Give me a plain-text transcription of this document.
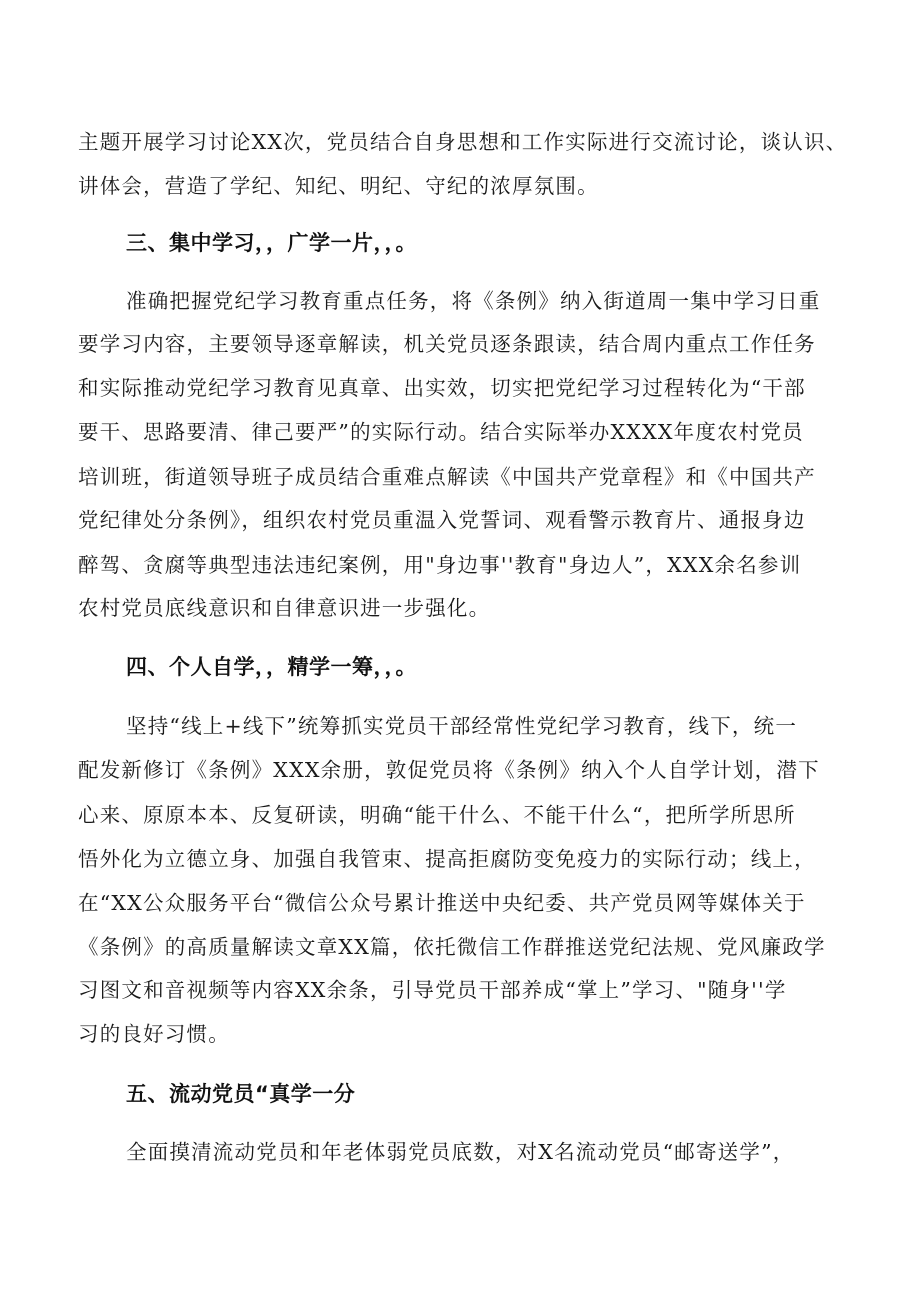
主题开展学习讨论XX次，党员结合自身思想和工作实际进行交流讨论，谈认识、
讲体会，营造了学纪、知纪、明纪、守纪的浓厚氛围。
三、集中学习，，广学一片，，。
准确把握党纪学习教育重点任务，将《条例》纳入街道周一集中学习日重
要学习内容，主要领导逐章解读，机关党员逐条跟读，结合周内重点工作任务
和实际推动党纪学习教育见真章、出实效，切实把党纪学习过程转化为“干部
要干、思路要清、律己要严”的实际行动。结合实际举办XXXX年度农村党员
培训班，街道领导班子成员结合重难点解读《中国共产党章程》和《中国共产
党纪律处分条例》，组织农村党员重温入党誓词、观看警示教育片、通报身边
醉驾、贪腐等典型违法违纪案例，用"身边事''教育"身边人”，XXX余名参训
农村党员底线意识和自律意识进一步强化。
四、个人自学，，精学一筹，，。
坚持“线上+线下”统筹抓实党员干部经常性党纪学习教育，线下，统一
配发新修订《条例》XXX余册，敦促党员将《条例》纳入个人自学计划，潜下
心来、原原本本、反复研读，明确“能干什么、不能干什么“，把所学所思所
悟外化为立德立身、加强自我管束、提高拒腐防变免疫力的实际行动；线上，
在“XX公众服务平台“微信公众号累计推送中央纪委、共产党员网等媒体关于
《条例》的高质量解读文章XX篇，依托微信工作群推送党纪法规、党风廉政学
习图文和音视频等内容XX余条，引导党员干部养成“掌上”学习、"随身''学
习的良好习惯。
五、流动党员“真学一分
全面摸清流动党员和年老体弱党员底数，对X名流动党员“邮寄送学”，
